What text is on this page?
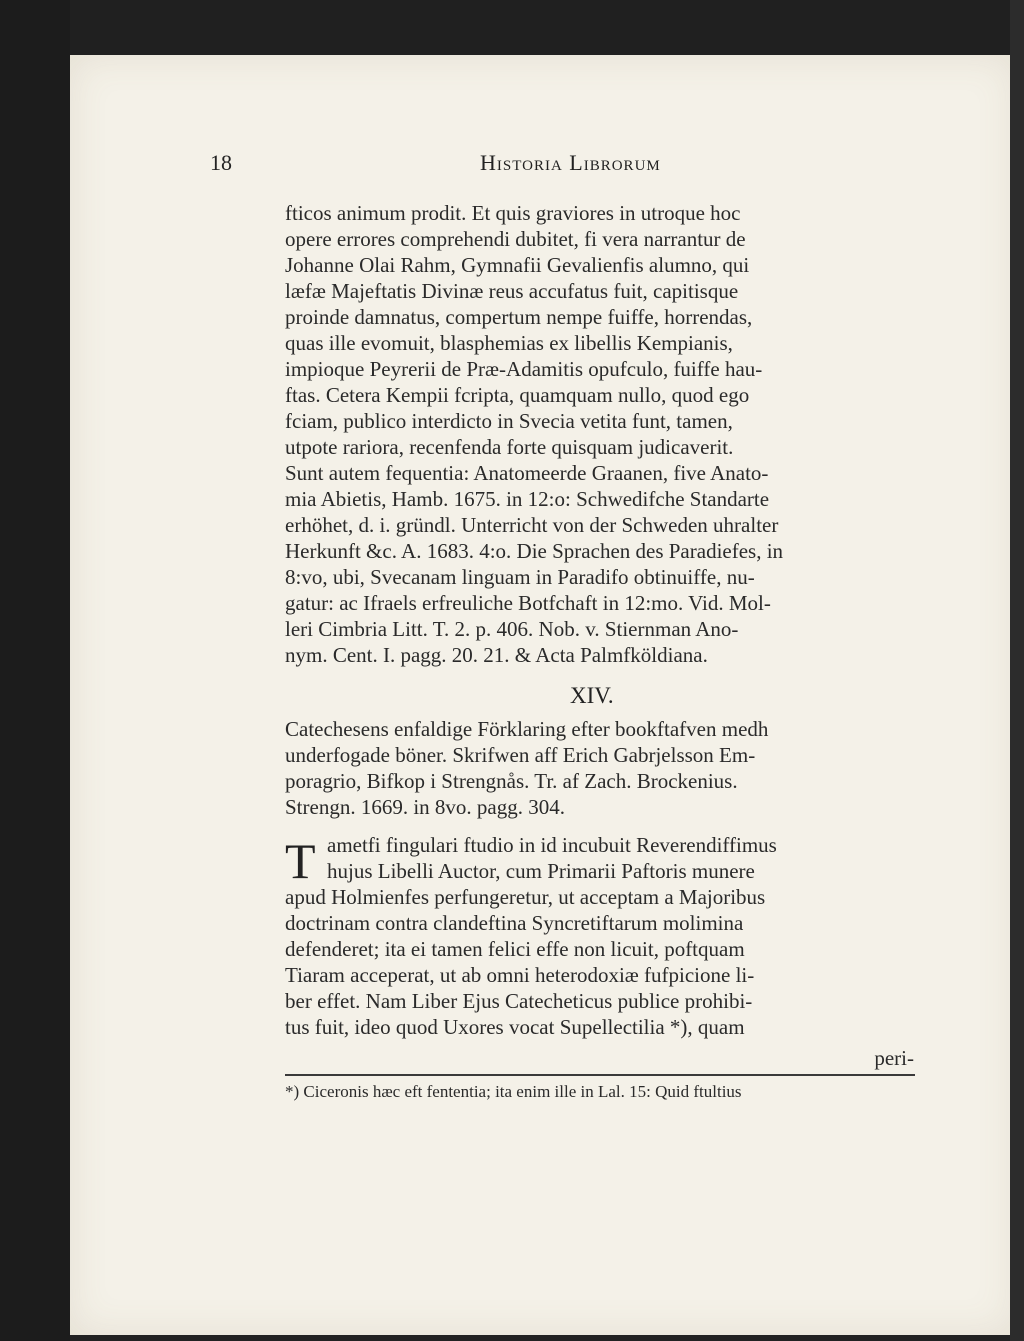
18	Historia Librorum
fticos animum prodit. Et quis graviores in utroque hoc
opere errores comprehendi dubitet, fi vera narrantur de
Johanne Olai Rahm, Gymnafii Gevalienfis alumno, qui
læfæ Majeftatis Divinæ reus accufatus fuit, capitisque
proinde damnatus, compertum nempe fuiffe, horrendas,
quas ille evomuit, blasphemias ex libellis Kempianis,
impioque Peyrerii de Præ-Adamitis opufculo, fuiffe hau-
ftas. Cetera Kempii fcripta, quamquam nullo, quod ego
fciam, publico interdicto in Svecia vetita funt, tamen,
utpote rariora, recenfenda forte quisquam judicaverit.
Sunt autem fequentia: Anatomeerde Graanen, five Anato-
mia Abietis, Hamb. 1675. in 12:o: Schwedifche Standarte
erhöhet, d. i. gründl. Unterricht von der Schweden uhralter
Herkunft &c. A. 1683. 4:o. Die Sprachen des Paradiefes, in
8:vo, ubi, Svecanam linguam in Paradifo obtinuiffe, nu-
gatur: ac Ifraels erfreuliche Botfchaft in 12:mo. Vid. Mol-
leri Cimbria Litt. T. 2. p. 406. Nob. v. Stiernman Ano-
nym. Cent. I. pagg. 20. 21. & Acta Palmfköldiana.
XIV.
Catechesens enfaldige Förklaring efter bookftafven medh
underfogade böner. Skrifwen aff Erich Gabrjelsson Em-
poragrio, Bifkop i Strengnås. Tr. af Zach. Brockenius.
Strengn. 1669. in 8vo. pagg. 304.
T ametfi fingulari ftudio in id incubuit Reverendiffimus
hujus Libelli Auctor, cum Primarii Paftoris munere
apud Holmienfes perfungeretur, ut acceptam a Majoribus
doctrinam contra clandeftina Syncretiftarum molimina
defenderet; ita ei tamen felici effe non licuit, poftquam
Tiaram acceperat, ut ab omni heterodoxiæ fufpicione li-
ber effet. Nam Liber Ejus Catecheticus publice prohibi-
tus fuit, ideo quod Uxores vocat Supellectilia *), quam
peri-
*) Ciceronis hæc eft fententia; ita enim ille in Lal. 15: Quid ftultius
